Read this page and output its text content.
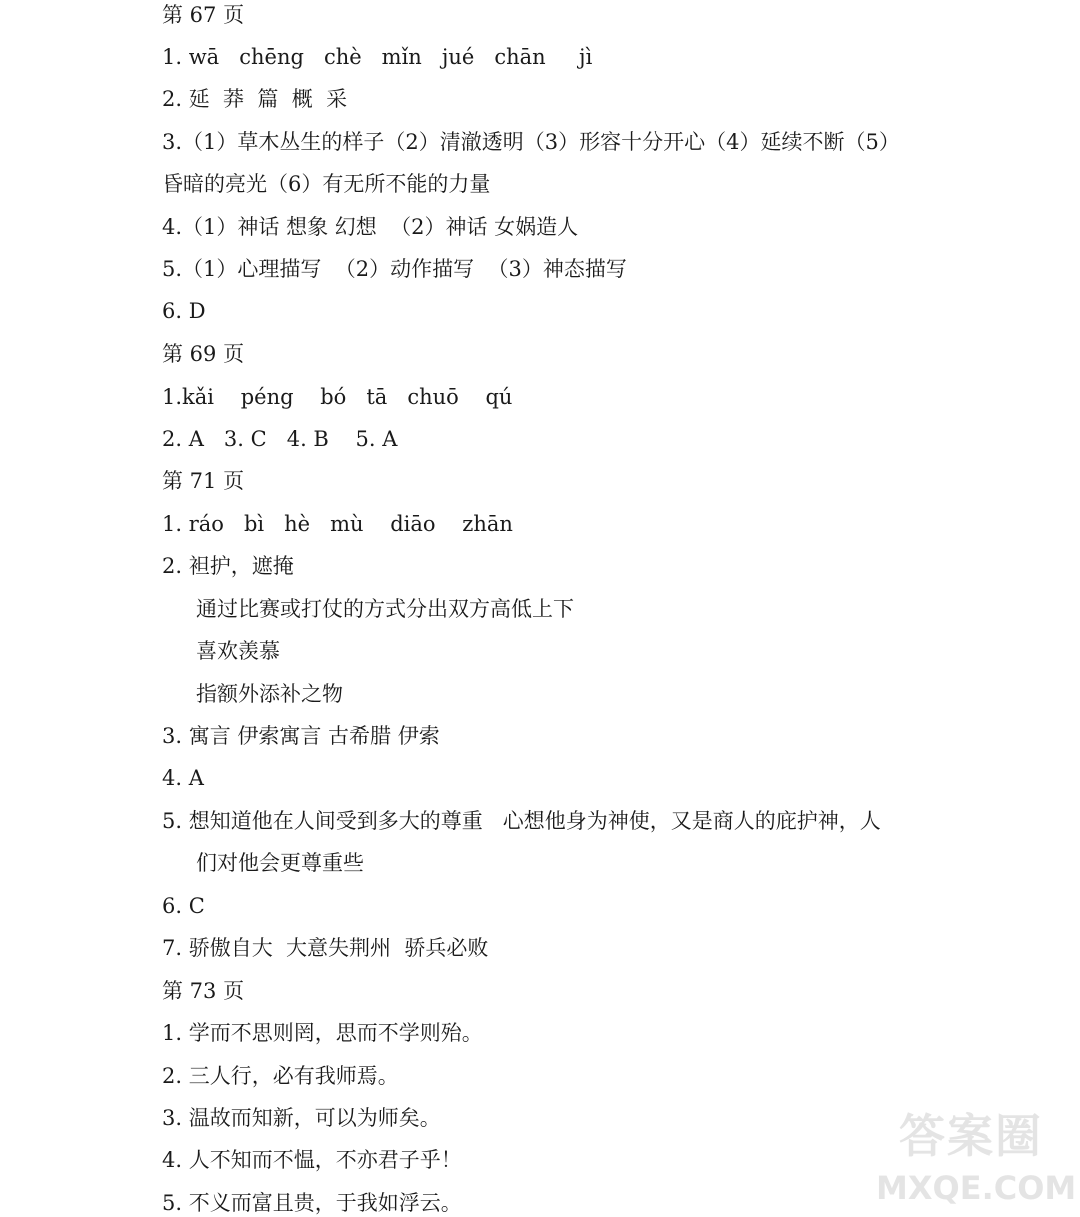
第 67 页
1. wā   chēng   chè   mǐn   jué   chān     jì
2. 延  莽  篇  概  采
3.（1）草木丛生的样子（2）清澈透明（3）形容十分开心（4）延续不断（5）
昏暗的亮光（6）有无所不能的力量
4.（1）神话 想象 幻想  （2）神话 女娲造人
5.（1）心理描写  （2）动作描写  （3）神态描写
6. D
第 69 页
1.kǎi    péng    bó   tā   chuō    qú
2. A   3. C   4. B    5. A
第 71 页
1. ráo   bì   hè   mù    diāo    zhān
2. 袒护，遮掩
通过比赛或打仗的方式分出双方高低上下
喜欢羡慕
指额外添补之物
3. 寓言 伊索寓言 古希腊 伊索
4. A
5. 想知道他在人间受到多大的尊重   心想他身为神使，又是商人的庇护神，人
们对他会更尊重些
6. C
7. 骄傲自大  大意失荆州  骄兵必败
第 73 页
1. 学而不思则罔，思而不学则殆。
2. 三人行，必有我师焉。
3. 温故而知新，可以为师矣。
4. 人不知而不愠，不亦君子乎！
5. 不义而富且贵，于我如浮云。
答案圈
MXQE.COM
